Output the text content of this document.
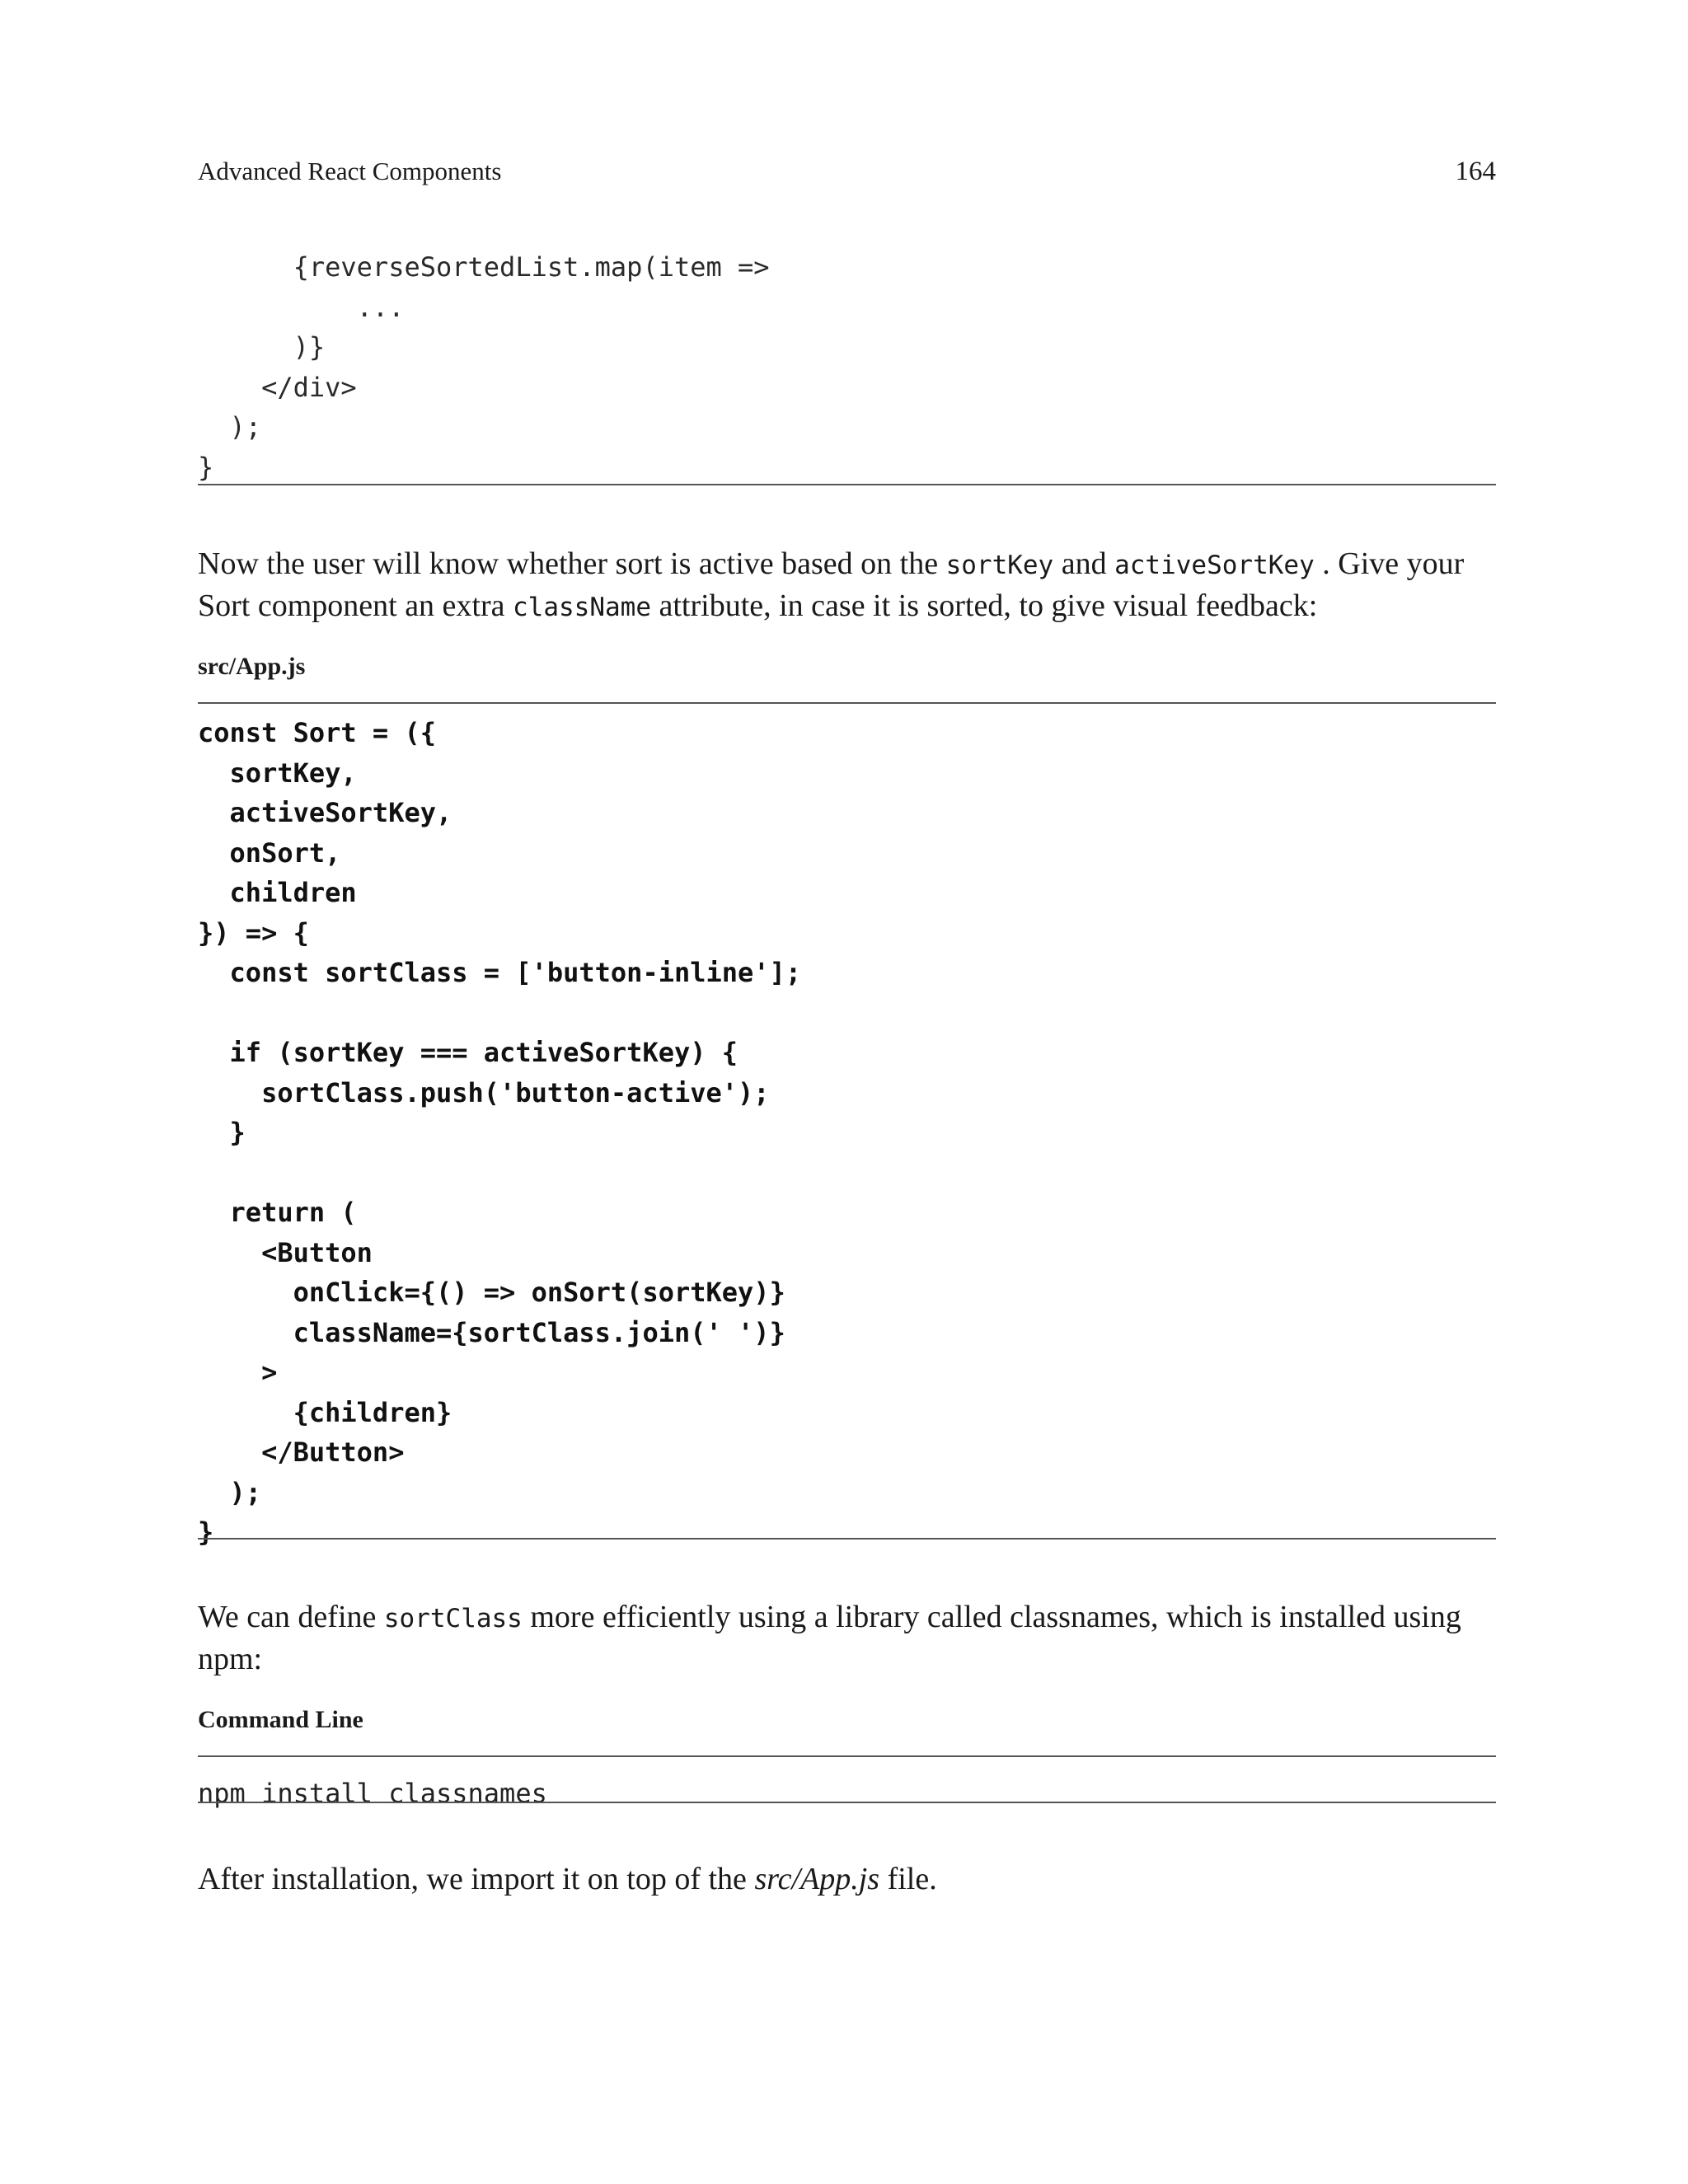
Advanced React Components	164
{reverseSortedList.map(item =>
...
)}
</div>
);
}
Now the user will know whether sort is active based on the sortKey and activeSortKey . Give your Sort component an extra className attribute, in case it is sorted, to give visual feedback:
src/App.js
const Sort = ({
sortKey,
activeSortKey,
onSort,
children
}) => {
const sortClass = ['button-inline'];

if (sortKey === activeSortKey) {
sortClass.push('button-active');
}

return (
<Button
onClick={() => onSort(sortKey)}
className={sortClass.join(' ')}
>
{children}
</Button>
);
}
We can define sortClass more efficiently using a library called classnames, which is installed using npm:
Command Line
npm install classnames
After installation, we import it on top of the src/App.js file.
